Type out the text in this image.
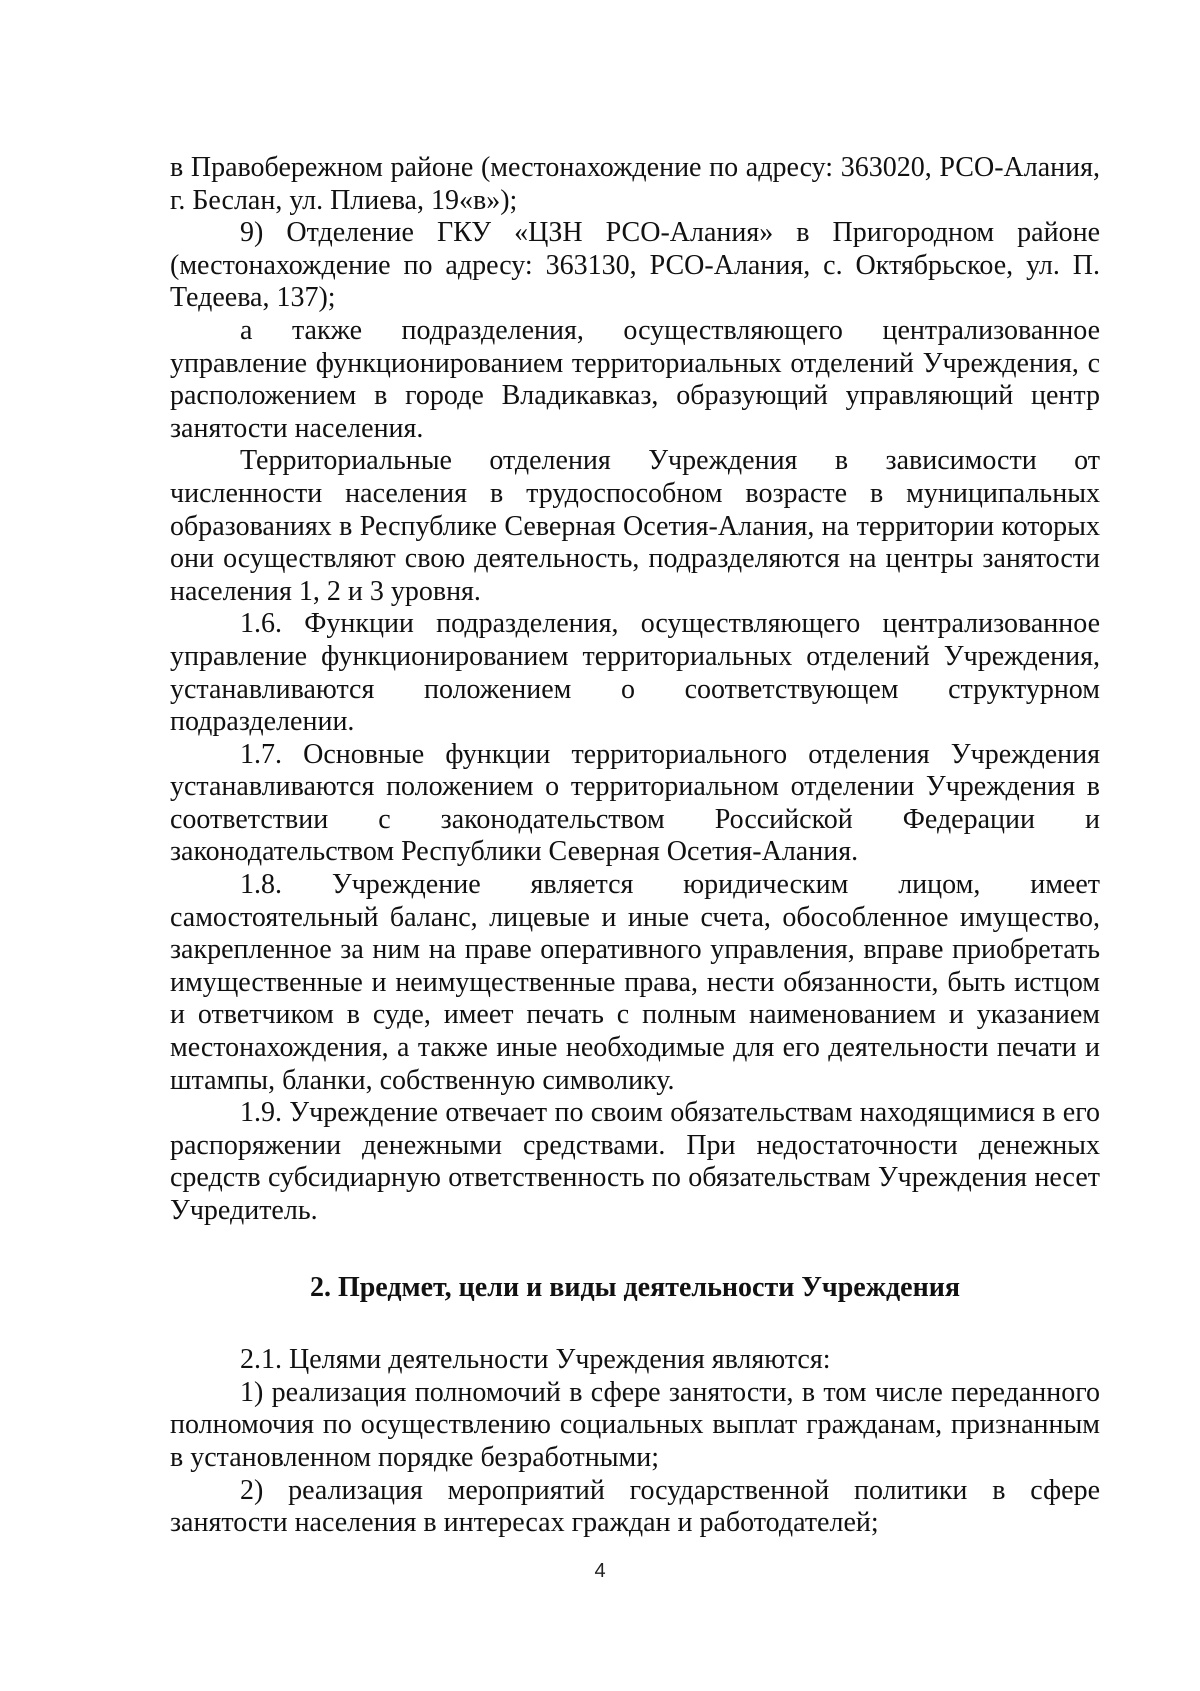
в Правобережном районе (местонахождение по адресу: 363020, РСО-Алания, г. Беслан, ул. Плиева, 19«в»);

9) Отделение ГКУ «ЦЗН РСО-Алания» в Пригородном районе (местонахождение по адресу: 363130, РСО-Алания, с. Октябрьское, ул. П. Тедеева, 137);

а также подразделения, осуществляющего централизованное управление функционированием территориальных отделений Учреждения, с расположением в городе Владикавказ, образующий управляющий центр занятости населения.

Территориальные отделения Учреждения в зависимости от численности населения в трудоспособном возрасте в муниципальных образованиях в Республике Северная Осетия-Алания, на территории которых они осуществляют свою деятельность, подразделяются на центры занятости населения 1, 2 и 3 уровня.

1.6. Функции подразделения, осуществляющего централизованное управление функционированием территориальных отделений Учреждения, устанавливаются положением о соответствующем структурном подразделении.

1.7. Основные функции территориального отделения Учреждения устанавливаются положением о территориальном отделении Учреждения в соответствии с законодательством Российской Федерации и законодательством Республики Северная Осетия-Алания.

1.8. Учреждение является юридическим лицом, имеет самостоятельный баланс, лицевые и иные счета, обособленное имущество, закрепленное за ним на праве оперативного управления, вправе приобретать имущественные и неимущественные права, нести обязанности, быть истцом и ответчиком в суде, имеет печать с полным наименованием и указанием местонахождения, а также иные необходимые для его деятельности печати и штампы, бланки, собственную символику.

1.9. Учреждение отвечает по своим обязательствам находящимися в его распоряжении денежными средствами. При недостаточности денежных средств субсидиарную ответственность по обязательствам Учреждения несет Учредитель.

2. Предмет, цели и виды деятельности Учреждения

2.1. Целями деятельности Учреждения являются:

1) реализация полномочий в сфере занятости, в том числе переданного полномочия по осуществлению социальных выплат гражданам, признанным в установленном порядке безработными;

2) реализация мероприятий государственной политики в сфере занятости населения в интересах граждан и работодателей;

4
